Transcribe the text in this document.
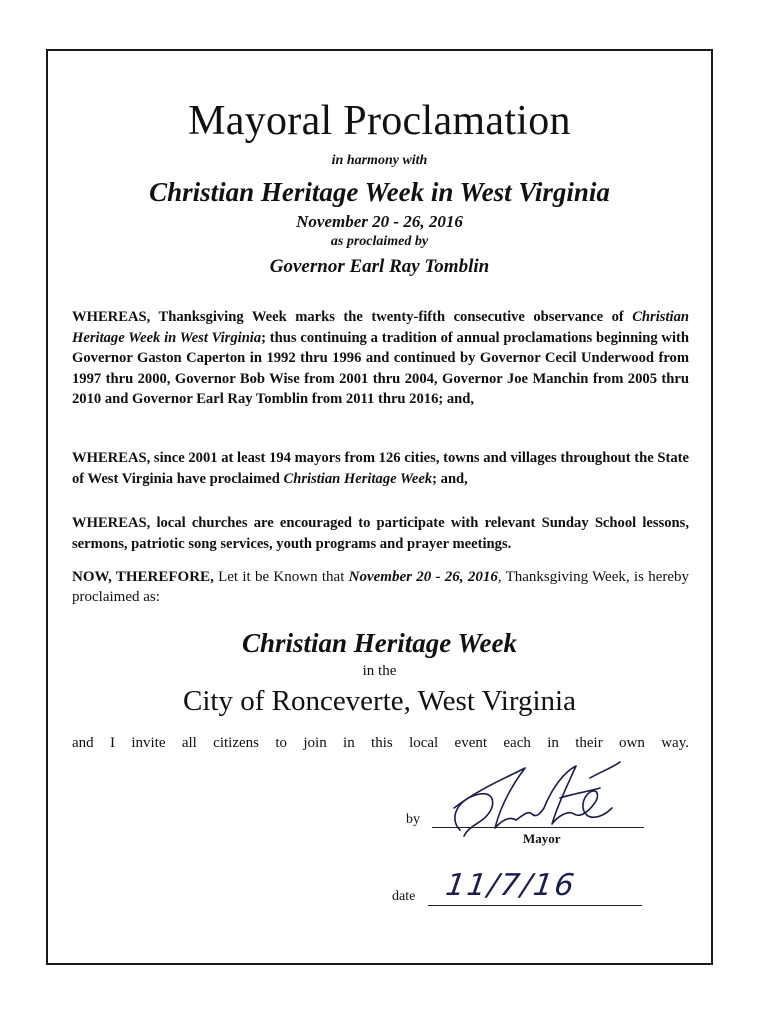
Mayoral Proclamation
in harmony with
Christian Heritage Week in West Virginia
November 20 - 26, 2016
as proclaimed by
Governor Earl Ray Tomblin
WHEREAS, Thanksgiving Week marks the twenty-fifth consecutive observance of Christian Heritage Week in West Virginia; thus continuing a tradition of annual proclamations beginning with Governor Gaston Caperton in 1992 thru 1996 and continued by Governor Cecil Underwood from 1997 thru 2000, Governor Bob Wise from 2001 thru 2004, Governor Joe Manchin from 2005 thru 2010 and Governor Earl Ray Tomblin from 2011 thru 2016; and,
WHEREAS, since 2001 at least 194 mayors from 126 cities, towns and villages throughout the State of West Virginia have proclaimed Christian Heritage Week; and,
WHEREAS, local churches are encouraged to participate with relevant Sunday School lessons, sermons, patriotic song services, youth programs and prayer meetings.
NOW, THEREFORE, Let it be Known that November 20 - 26, 2016, Thanksgiving Week, is hereby proclaimed as:
Christian Heritage Week
in the
City of Ronceverte, West Virginia
and I invite all citizens to join in this local event each in their own way.
by
Mayor
date 11/7/16
